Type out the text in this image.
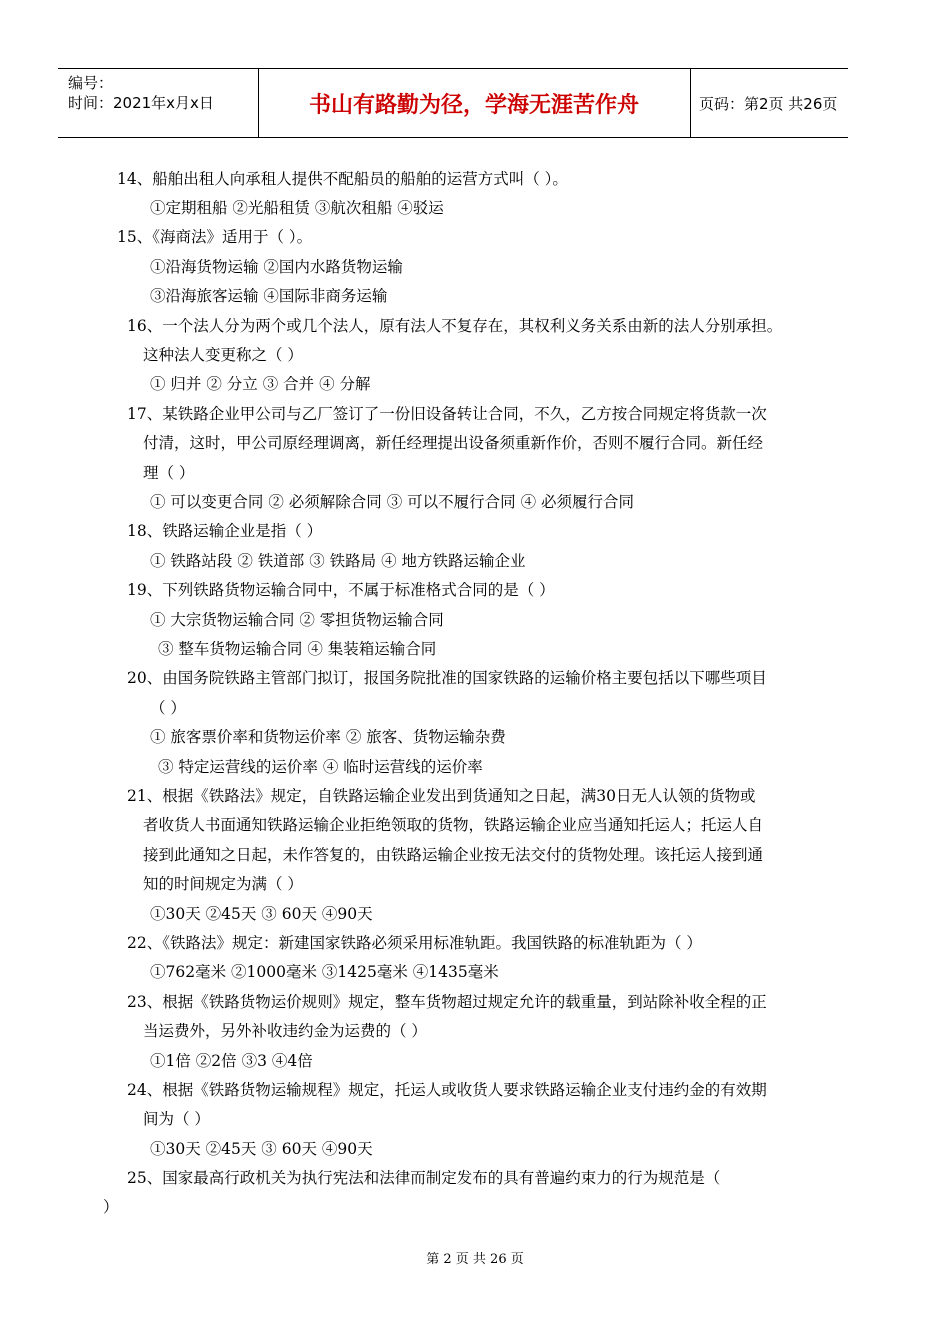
编号：
时间：2021年x月x日	书山有路勤为径，学海无涯苦作舟	页码：第2页 共26页
14、船舶出租人向承租人提供不配船员的船舶的运营方式叫（ ）。
①定期租船 ②光船租赁 ③航次租船 ④驳运
15、《海商法》适用于（ ）。
①沿海货物运输 ②国内水路货物运输
③沿海旅客运输 ④国际非商务运输
16、一个法人分为两个或几个法人，原有法人不复存在，其权利义务关系由新的法人分别承担。
这种法人变更称之（ ）
① 归并 ② 分立 ③ 合并 ④ 分解
17、某铁路企业甲公司与乙厂签订了一份旧设备转让合同，不久，乙方按合同规定将货款一次
付清，这时，甲公司原经理调离，新任经理提出设备须重新作价，否则不履行合同。新任经
理（ ）
① 可以变更合同 ② 必须解除合同 ③ 可以不履行合同 ④ 必须履行合同
18、铁路运输企业是指（ ）
① 铁路站段 ② 铁道部 ③ 铁路局 ④ 地方铁路运输企业
19、下列铁路货物运输合同中，不属于标准格式合同的是（ ）
① 大宗货物运输合同 ② 零担货物运输合同
③ 整车货物运输合同 ④ 集装箱运输合同
20、由国务院铁路主管部门拟订，报国务院批准的国家铁路的运输价格主要包括以下哪些项目
（ ）
① 旅客票价率和货物运价率 ② 旅客、货物运输杂费
③ 特定运营线的运价率 ④ 临时运营线的运价率
21、根据《铁路法》规定，自铁路运输企业发出到货通知之日起，满30日无人认领的货物或
者收货人书面通知铁路运输企业拒绝领取的货物，铁路运输企业应当通知托运人；托运人自
接到此通知之日起，未作答复的，由铁路运输企业按无法交付的货物处理。该托运人接到通
知的时间规定为满（ ）
①30天 ②45天 ③ 60天 ④90天
22、《铁路法》规定：新建国家铁路必须采用标准轨距。我国铁路的标准轨距为（ ）
①762毫米 ②1000毫米 ③1425毫米 ④1435毫米
23、根据《铁路货物运价规则》规定，整车货物超过规定允许的载重量，到站除补收全程的正
当运费外，另外补收违约金为运费的（ ）
①1倍 ②2倍 ③3 ④4倍
24、根据《铁路货物运输规程》规定，托运人或收货人要求铁路运输企业支付违约金的有效期
间为（ ）
①30天 ②45天 ③ 60天 ④90天
25、国家最高行政机关为执行宪法和法律而制定发布的具有普遍约束力的行为规范是（
）
第 2 页 共 26 页
